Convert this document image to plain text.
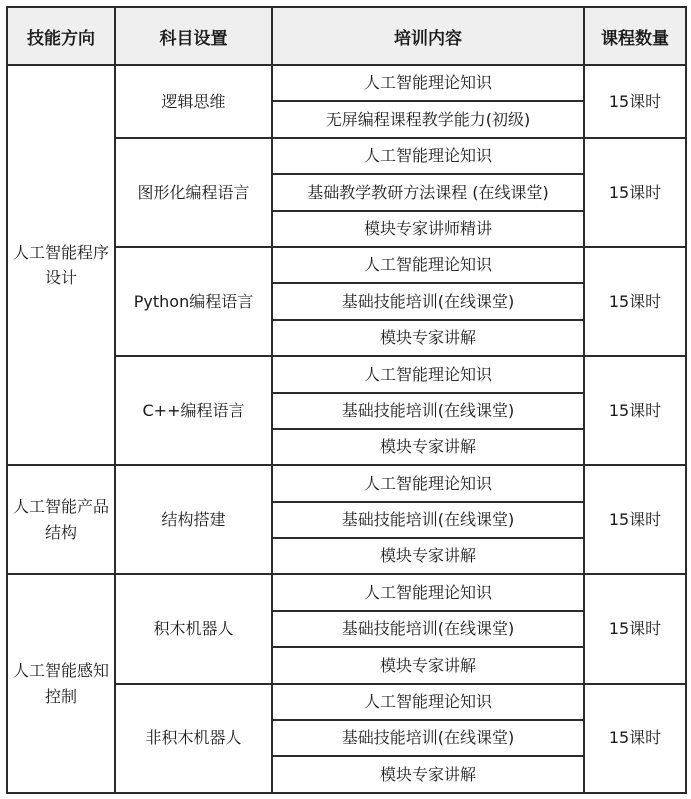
技能方向	科目设置	培训内容	课程数量
人工智能程序设计	逻辑思维	人工智能理论知识	15课时
		无屏编程课程教学能力(初级)	
	图形化编程语言	人工智能理论知识	15课时
		基础教学教研方法课程 (在线课堂)	
		模块专家讲师精讲	
	Python编程语言	人工智能理论知识	15课时
		基础技能培训(在线课堂)	
		模块专家讲解	
	C++编程语言	人工智能理论知识	15课时
		基础技能培训(在线课堂)	
		模块专家讲解	
人工智能产品结构	结构搭建	人工智能理论知识	15课时
		基础技能培训(在线课堂)	
		模块专家讲解	
人工智能感知控制	积木机器人	人工智能理论知识	15课时
		基础技能培训(在线课堂)	
		模块专家讲解	
	非积木机器人	人工智能理论知识	15课时
		基础技能培训(在线课堂)	
		模块专家讲解	
